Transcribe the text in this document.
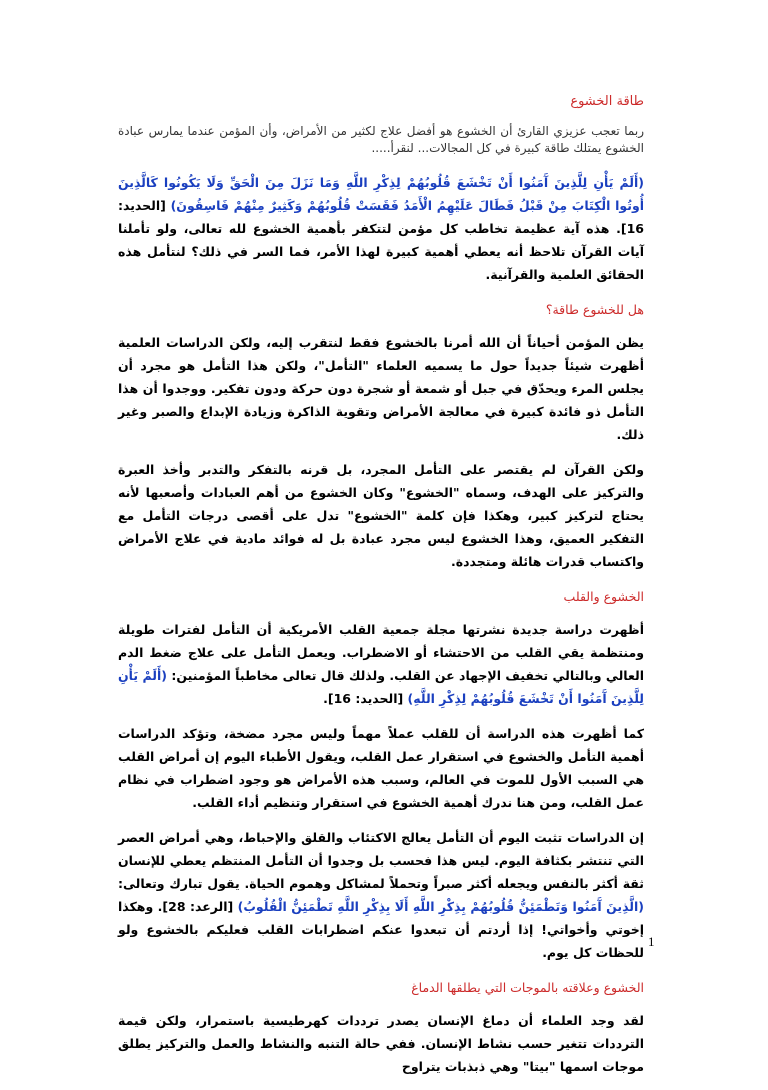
طاقة الخشوع
ربما تعجب عزيزي القارئ أن الخشوع هو أفضل علاج لكثير من الأمراض، وأن المؤمن عندما يمارس عبادة الخشوع يمتلك طاقة كبيرة في كل المجالات... لنقرأ.....

(أَلَمْ يَأْنِ لِلَّذِينَ آَمَنُوا أَنْ تَخْشَعَ قُلُوبُهُمْ لِذِكْرِ اللَّهِ وَمَا نَزَلَ مِنَ الْحَقِّ وَلَا يَكُونُوا كَالَّذِينَ أُوتُوا الْكِتَابَ مِنْ قَبْلُ فَطَالَ عَلَيْهِمُ الْأَمَدُ فَقَسَتْ قُلُوبُهُمْ وَكَثِيرٌ مِنْهُمْ فَاسِقُونَ) [الحديد: 16]. هذه آية عظيمة تخاطب كل مؤمن لتتكفر بأهمية الخشوع لله تعالى، ولو تأملنا آيات القرآن تلاحظ أنه يعطي أهمية كبيرة لهذا الأمر، فما السر في ذلك؟ لنتأمل هذه الحقائق العلمية والقرآنية.

هل للخشوع طاقة؟

يظن المؤمن أحياناً أن الله أمرنا بالخشوع فقط لنتقرب إليه، ولكن الدراسات العلمية أظهرت شيئاً جديداً حول ما يسميه العلماء "التأمل"، ولكن هذا التأمل هو مجرد أن يجلس المرء ويحدّق في جبل أو شمعة أو شجرة دون حركة ودون تفكير. ووجدوا أن هذا التأمل ذو فائدة كبيرة في معالجة الأمراض وتقوية الذاكرة وزيادة الإبداع والصبر وغير ذلك.

ولكن القرآن لم يقتصر على التأمل المجرد، بل قرنه بالتفكر والتدبر وأخذ العبرة والتركيز على الهدف، وسماه "الخشوع" وكان الخشوع من أهم العبادات وأصعبها لأنه يحتاج لتركيز كبير، وهكذا فإن كلمة "الخشوع" تدل على أقصى درجات التأمل مع التفكير العميق، وهذا الخشوع ليس مجرد عبادة بل له فوائد مادية في علاج الأمراض واكتساب قدرات هائلة ومتجددة.

الخشوع والقلب

أظهرت دراسة جديدة نشرتها مجلة جمعية القلب الأمريكية أن التأمل لفترات طويلة ومنتظمة يقي القلب من الاحتشاء أو الاضطراب. ويعمل التأمل على علاج ضغط الدم العالي وبالتالي تخفيف الإجهاد عن القلب. ولذلك قال تعالى مخاطباً المؤمنين: (أَلَمْ يَأْنِ لِلَّذِينَ آَمَنُوا أَنْ تَخْشَعَ قُلُوبُهُمْ لِذِكْرِ اللَّهِ) [الحديد: 16].

كما أظهرت هذه الدراسة أن للقلب عملاً مهماً وليس مجرد مضخة، وتؤكد الدراسات أهمية التأمل والخشوع في استقرار عمل القلب، ويقول الأطباء اليوم إن أمراض القلب هي السبب الأول للموت في العالم، وسبب هذه الأمراض هو وجود اضطراب في نظام عمل القلب، ومن هنا ندرك أهمية الخشوع في استقرار وتنظيم أداء القلب.

إن الدراسات تثبت اليوم أن التأمل يعالج الاكتئاب والقلق والإحباط، وهي أمراض العصر التي تنتشر بكثافة اليوم. ليس هذا فحسب بل وجدوا أن التأمل المنتظم يعطي للإنسان ثقة أكثر بالنفس ويجعله أكثر صبراً وتحملاً لمشاكل وهموم الحياة. يقول تبارك وتعالى: (الَّذِينَ آَمَنُوا وَتَطْمَئِنُّ قُلُوبُهُمْ بِذِكْرِ اللَّهِ أَلَا بِذِكْرِ اللَّهِ تَطْمَئِنُّ الْقُلُوبُ) [الرعد: 28]. وهكذا إخوتي وأخواتي! إذا أردتم أن تبعدوا عنكم اضطرابات القلب فعليكم بالخشوع ولو للحظات كل يوم.

الخشوع وعلاقته بالموجات التي يطلقها الدماغ

لقد وجد العلماء أن دماغ الإنسان يصدر ترددات كهرطيسية باستمرار، ولكن قيمة الترددات تتغير حسب نشاط الإنسان. ففي حالة التنبه والنشاط والعمل والتركيز يطلق موجات اسمها "بيتا" وهي ذبذبات يتراوح

1
